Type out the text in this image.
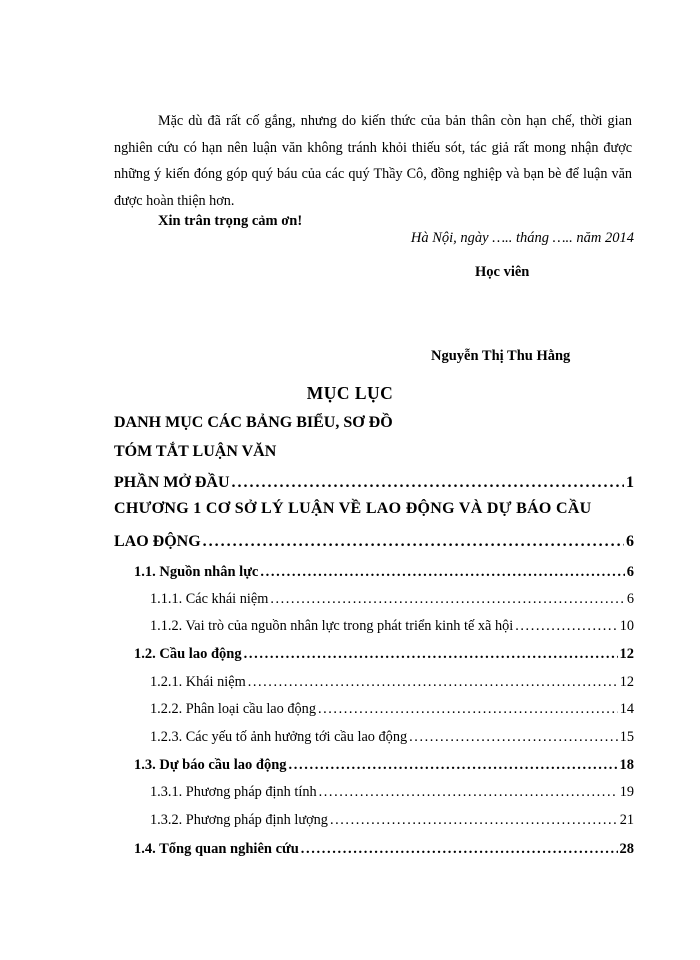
Mặc dù đã rất cố gắng, nhưng do kiến thức của bản thân còn hạn chế, thời gian nghiên cứu có hạn nên luận văn không tránh khỏi thiếu sót, tác giả rất mong nhận được những ý kiến đóng góp quý báu của các quý Thầy Cô, đồng nghiệp và bạn bè để luận văn được hoàn thiện hơn.

Xin trân trọng cảm ơn!
Hà Nội, ngày ….. tháng ….. năm 2014
Học viên
Nguyễn Thị Thu Hằng
MỤC LỤC
DANH MỤC CÁC BẢNG BIỂU, SƠ ĐỒ
TÓM TẮT LUẬN VĂN
PHẦN MỞ ĐẦU . . .	1
CHƯƠNG 1 CƠ SỞ LÝ LUẬN VỀ LAO ĐỘNG VÀ DỰ BÁO CẦU
LAO ĐỘNG . . .	6
1.1. Nguồn nhân lực . . .	6
1.1.1. Các khái niệm . . .	6
1.1.2. Vai trò của nguồn nhân lực trong phát triển kinh tế xã hội . . .	10
1.2. Cầu lao động . . .	12
1.2.1. Khái niệm . . .	12
1.2.2. Phân loại cầu lao động . . .	14
1.2.3. Các yếu tố ảnh hưởng tới cầu lao động . . .	15
1.3. Dự báo cầu lao động . . .	18
1.3.1. Phương pháp định tính . . .	19
1.3.2. Phương pháp định lượng . . .	21
1.4. Tổng quan nghiên cứu . . .	28
